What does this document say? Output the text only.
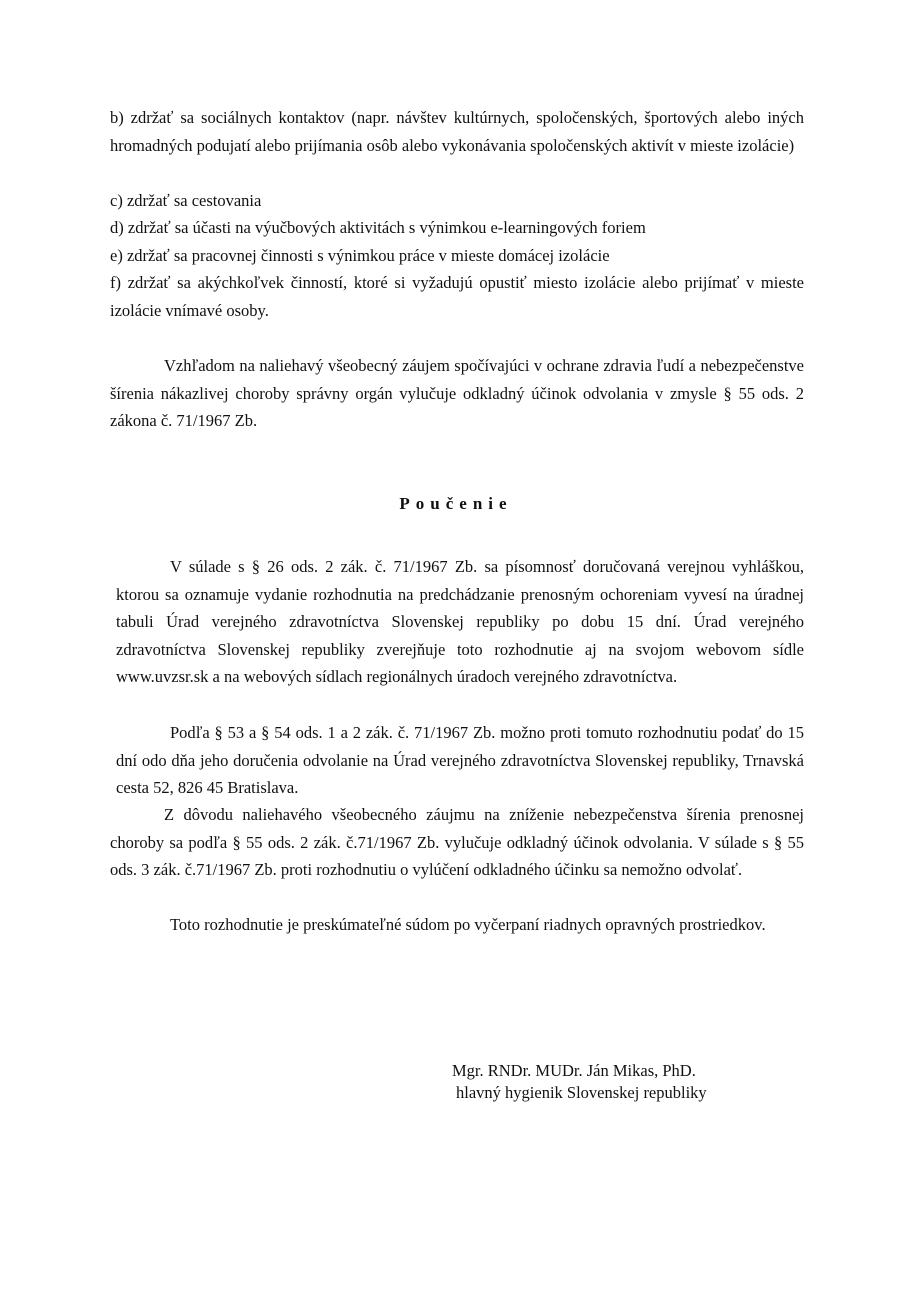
b) zdržať sa sociálnych kontaktov (napr. návštev kultúrnych, spoločenských, športových alebo iných hromadných podujatí alebo prijímania osôb alebo vykonávania spoločenských aktivít v mieste izolácie)

c) zdržať sa cestovania

d) zdržať sa účasti na výučbových aktivitách s výnimkou e-learningových foriem

e) zdržať sa pracovnej činnosti s výnimkou práce v mieste domácej izolácie

f) zdržať sa akýchkoľvek činností, ktoré si vyžadujú opustiť miesto izolácie alebo prijímať v mieste izolácie vnímavé osoby.

Vzhľadom na naliehavý všeobecný záujem spočívajúci v ochrane zdravia ľudí a nebezpečenstve šírenia nákazlivej choroby správny orgán vylučuje odkladný účinok odvolania v zmysle § 55 ods. 2 zákona č. 71/1967 Zb.

Poučenie

V súlade s § 26 ods. 2 zák. č. 71/1967 Zb. sa písomnosť doručovaná verejnou vyhláškou, ktorou sa oznamuje vydanie rozhodnutia na predchádzanie prenosným ochoreniam vyvesí na úradnej tabuli Úrad verejného zdravotníctva Slovenskej republiky po dobu 15 dní. Úrad verejného zdravotníctva Slovenskej republiky zverejňuje toto rozhodnutie aj na svojom webovom sídle www.uvzsr.sk a na webových sídlach regionálnych úradoch verejného zdravotníctva.

Podľa § 53 a § 54 ods. 1 a 2 zák. č. 71/1967 Zb. možno proti tomuto rozhodnutiu podať do 15 dní odo dňa jeho doručenia odvolanie na Úrad verejného zdravotníctva Slovenskej republiky, Trnavská cesta 52, 826 45 Bratislava.

Z dôvodu naliehavého všeobecného záujmu na zníženie nebezpečenstva šírenia prenosnej choroby sa podľa § 55 ods. 2 zák. č.71/1967 Zb. vylučuje odkladný účinok odvolania. V súlade s § 55 ods. 3 zák. č.71/1967 Zb. proti rozhodnutiu o vylúčení odkladného účinku sa nemožno odvolať.

Toto rozhodnutie je preskúmateľné súdom po vyčerpaní riadnych opravných prostriedkov.

Mgr. RNDr. MUDr. Ján Mikas, PhD.
hlavný hygienik Slovenskej republiky
